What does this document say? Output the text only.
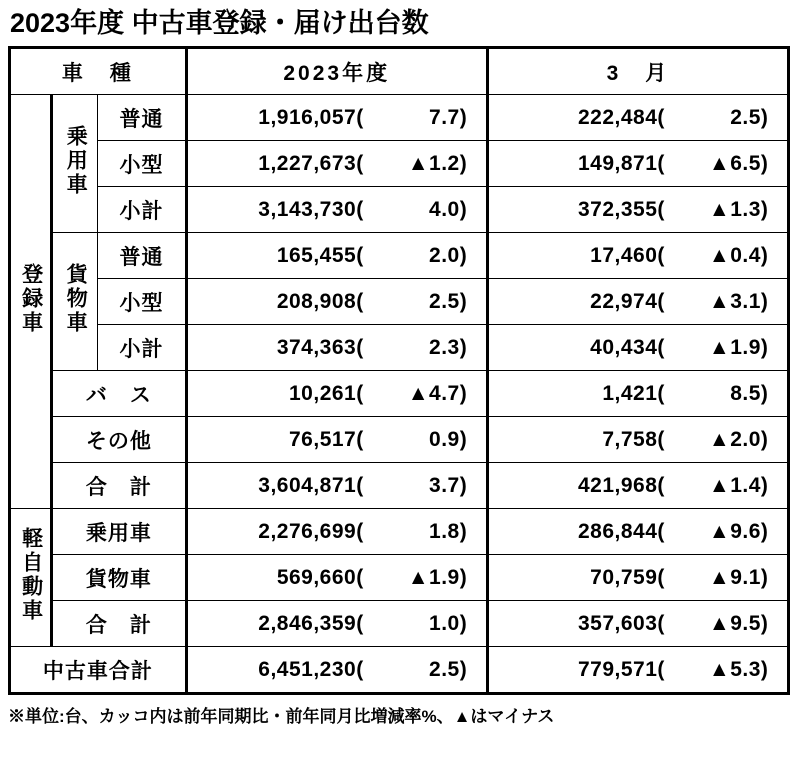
2023年度 中古車登録・届け出台数
車　種			2023年度	3　月
登録車	乗用車	普通	1,916,057( 7.7)	222,484( 2.5)
		小型	1,227,673( ▲1.2)	149,871( ▲6.5)
		小計	3,143,730( 4.0)	372,355( ▲1.3)
	貨物車	普通	165,455( 2.0)	17,460( ▲0.4)
		小型	208,908( 2.5)	22,974( ▲3.1)
		小計	374,363( 2.3)	40,434( ▲1.9)
	バ　ス		10,261( ▲4.7)	1,421( 8.5)
	その他		76,517( 0.9)	7,758( ▲2.0)
	合　計		3,604,871( 3.7)	421,968( ▲1.4)
軽自動車	乗用車		2,276,699( 1.8)	286,844( ▲9.6)
	貨物車		569,660( ▲1.9)	70,759( ▲9.1)
	合　計		2,846,359( 1.0)	357,603( ▲9.5)
中古車合計			6,451,230( 2.5)	779,571( ▲5.3)
※単位:台、カッコ内は前年同期比・前年同月比増減率%、▲はマイナス
